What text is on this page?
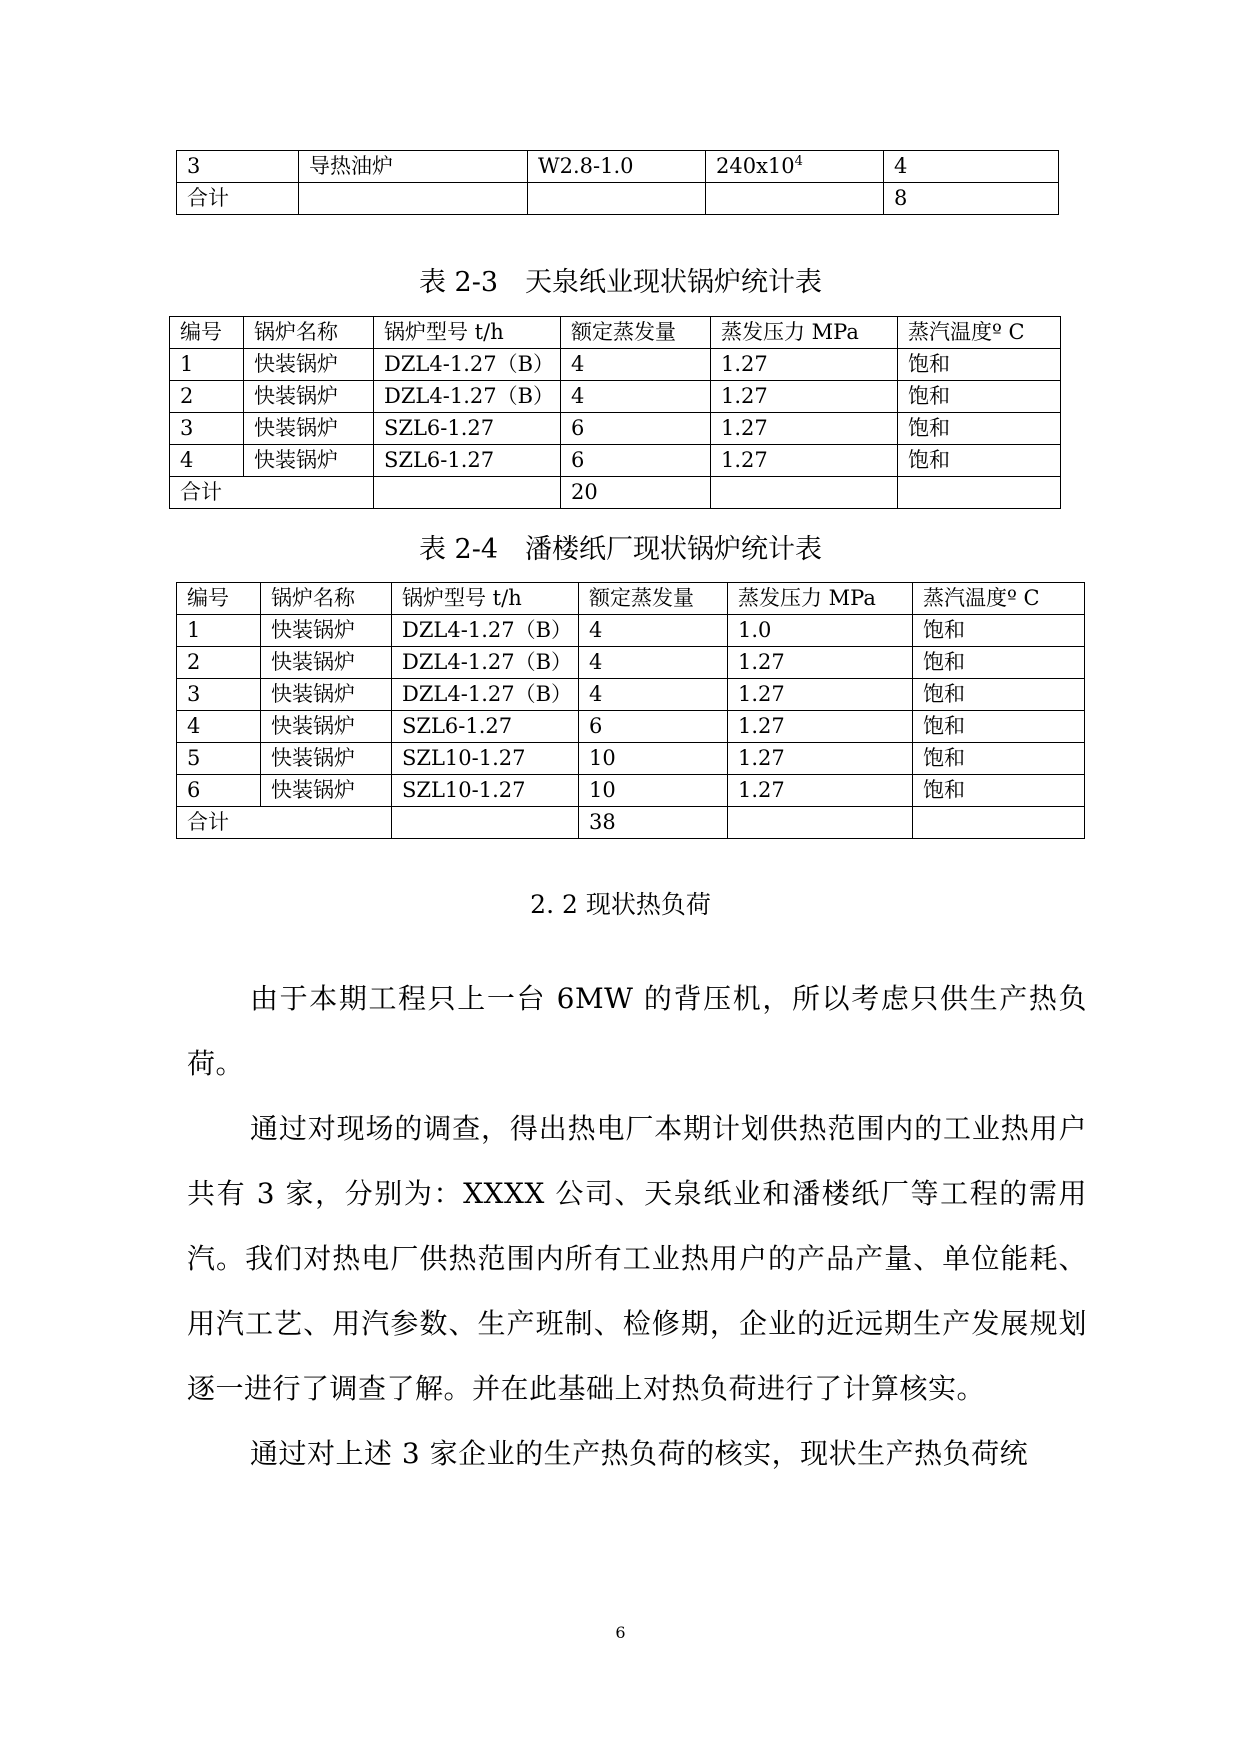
3	导热油炉	W2.8-1.0	$240x10^4$	4
合计				8
表 2-3　天泉纸业现状锅炉统计表
编号	锅炉名称	锅炉型号 t/h	额定蒸发量	蒸发压力 MPa	蒸汽温度º C
1	快装锅炉	DZL4-1.27（B）	4	1.27	饱和
2	快装锅炉	DZL4-1.27（B）	4	1.27	饱和
3	快装锅炉	SZL6-1.27	6	1.27	饱和
4	快装锅炉	SZL6-1.27	6	1.27	饱和
合计			20		
表 2-4　潘楼纸厂现状锅炉统计表
编号	锅炉名称	锅炉型号 t/h	额定蒸发量	蒸发压力 MPa	蒸汽温度º C
1	快装锅炉	DZL4-1.27（B）	4	1.0	饱和
2	快装锅炉	DZL4-1.27（B）	4	1.27	饱和
3	快装锅炉	DZL4-1.27（B）	4	1.27	饱和
4	快装锅炉	SZL6-1.27	6	1.27	饱和
5	快装锅炉	SZL10-1.27	10	1.27	饱和
6	快装锅炉	SZL10-1.27	10	1.27	饱和
合计			38		
2. 2 现状热负荷

由于本期工程只上一台 6MW 的背压机，所以考虑只供生产热负荷。

通过对现场的调查，得出热电厂本期计划供热范围内的工业热用户共有 3 家，分别为：XXXX 公司、天泉纸业和潘楼纸厂等工程的需用汽。我们对热电厂供热范围内所有工业热用户的产品产量、单位能耗、用汽工艺、用汽参数、生产班制、检修期，企业的近远期生产发展规划逐一进行了调查了解。并在此基础上对热负荷进行了计算核实。

通过对上述 3 家企业的生产热负荷的核实，现状生产热负荷统

6
